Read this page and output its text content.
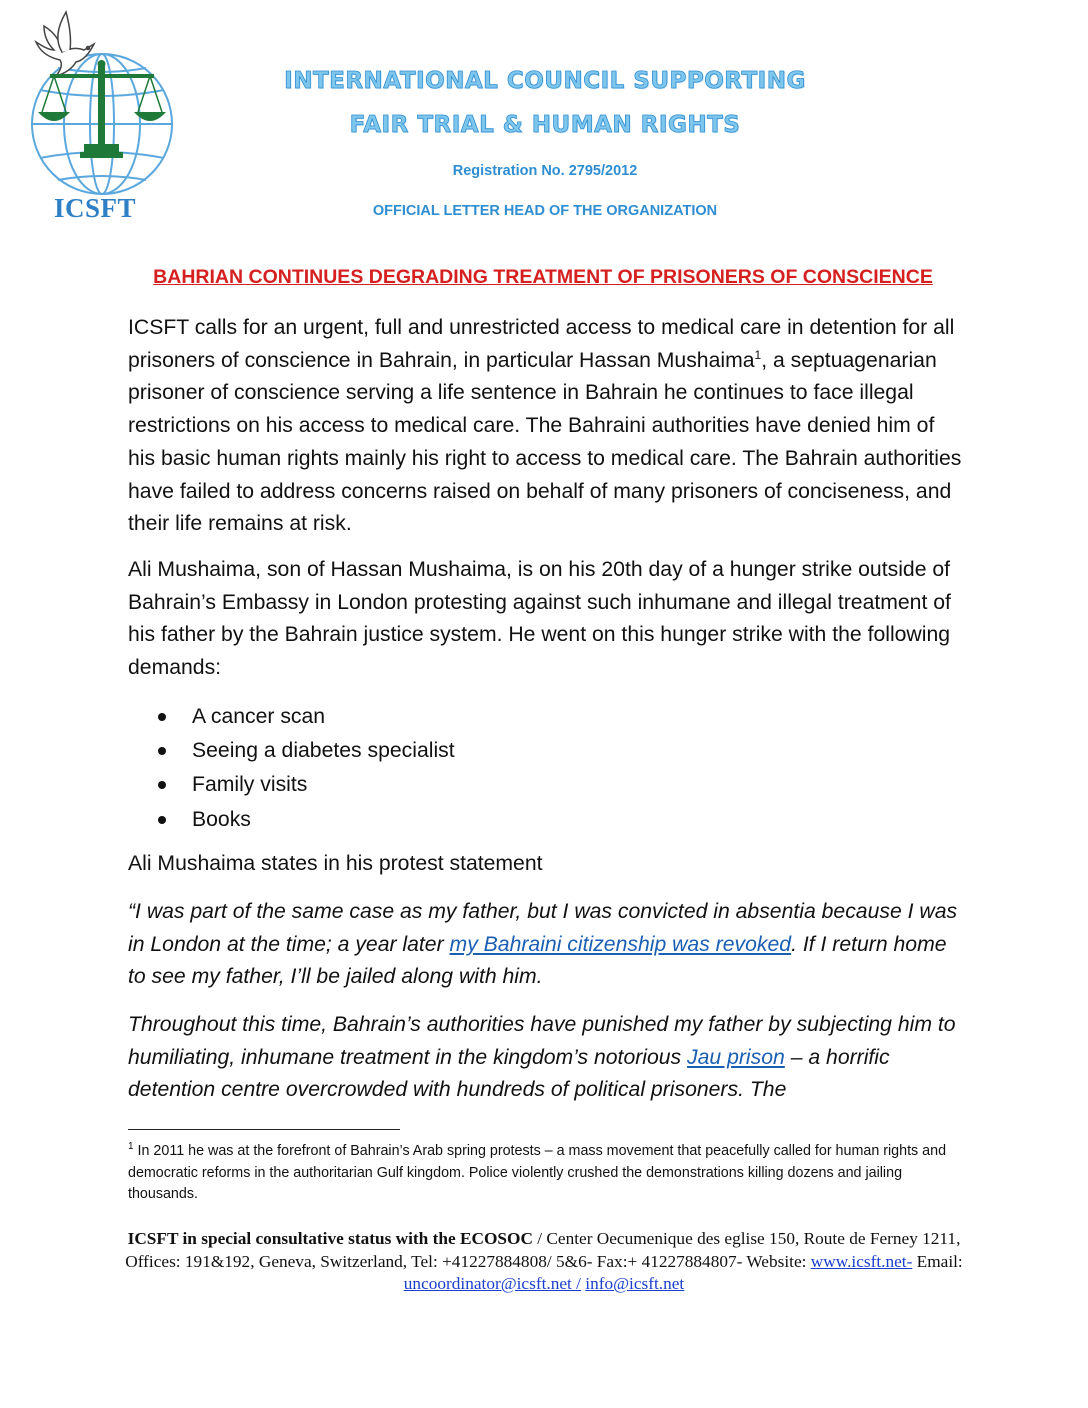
ICSFT
INTERNATIONAL COUNCIL SUPPORTING
FAIR TRIAL & HUMAN RIGHTS
Registration No. 2795/2012
OFFICIAL LETTER HEAD OF THE ORGANIZATION
BAHRIAN CONTINUES DEGRADING TREATMENT OF PRISONERS OF CONSCIENCE
ICSFT calls for an urgent, full and unrestricted access to medical care in detention for all prisoners of conscience in Bahrain, in particular Hassan Mushaima$^1$, a septuagenarian prisoner of conscience serving a life sentence in Bahrain he continues to face illegal restrictions on his access to medical care. The Bahraini authorities have denied him of his basic human rights mainly his right to access to medical care. The Bahrain authorities have failed to address concerns raised on behalf of many prisoners of conciseness, and their life remains at risk.
Ali Mushaima, son of Hassan Mushaima, is on his 20th day of a hunger strike outside of Bahrain’s Embassy in London protesting against such inhumane and illegal treatment of his father by the Bahrain justice system. He went on this hunger strike with the following demands:
A cancer scan
Seeing a diabetes specialist
Family visits
Books
Ali Mushaima states in his protest statement
“I was part of the same case as my father, but I was convicted in absentia because I was in London at the time; a year later my Bahraini citizenship was revoked. If I return home to see my father, I’ll be jailed along with him.
Throughout this time, Bahrain’s authorities have punished my father by subjecting him to humiliating, inhumane treatment in the kingdom’s notorious Jau prison – a horrific detention centre overcrowded with hundreds of political prisoners. The
$^1$ In 2011 he was at the forefront of Bahrain’s Arab spring protests – a mass movement that peacefully called for human rights and democratic reforms in the authoritarian Gulf kingdom. Police violently crushed the demonstrations killing dozens and jailing thousands.
ICSFT in special consultative status with the ECOSOC / Center Oecumenique des eglise 150, Route de Ferney 1211, Offices: 191&192, Geneva, Switzerland, Tel: +41227884808/ 5&6- Fax:+ 41227884807- Website: www.icsft.net- Email: uncoordinator@icsft.net / info@icsft.net
